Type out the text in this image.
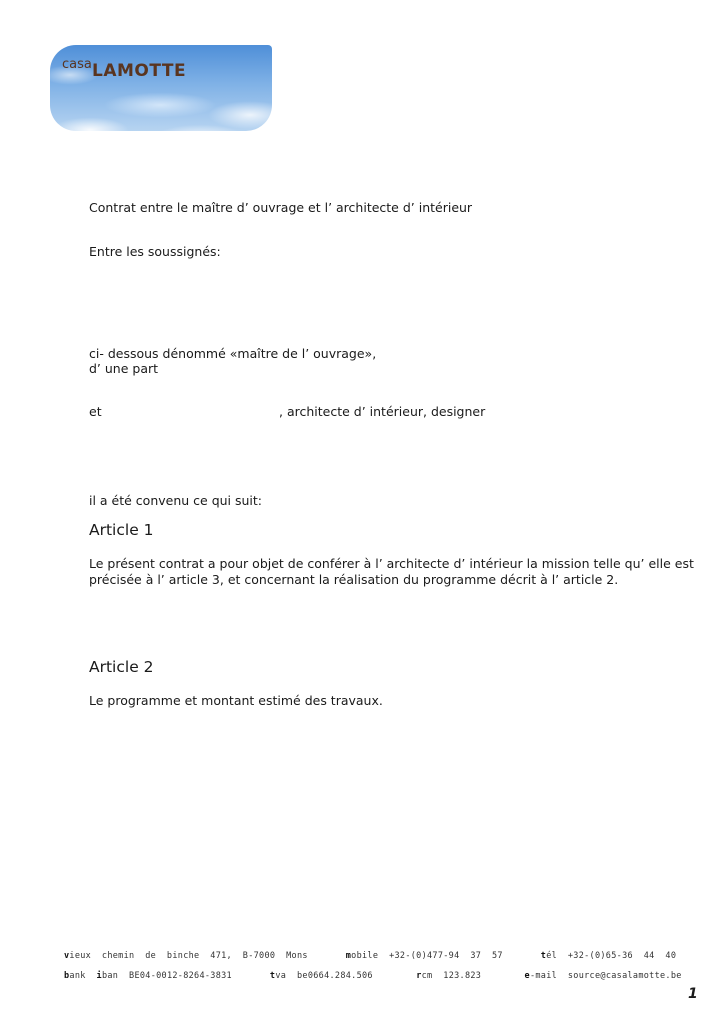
casa LAMOTTE

Contrat entre le maître d’ ouvrage et l’ architecte d’ intérieur

Entre les soussignés:

ci- dessous dénommé «maître de l’ ouvrage»,

d’ une part

et	, architecte d’ intérieur, designer

il a été convenu ce qui suit:

Article 1

Le présent contrat a pour objet de conférer à l’ architecte d’ intérieur la mission telle qu’ elle est

précisée à l’ article 3, et concernant la réalisation du programme décrit à l’ article 2.

Article 2

Le programme et montant estimé des travaux.

vieux  chemin  de  binche  471,  B-7000  Mons	mobile  +32-(0)477-94  37  57	tél  +32-(0)65-36  44  40
bank  iban  BE04-0012-8264-3831	tva  be0664.284.506	rcm  123.823	e-mail  source@casalamotte.be
1
